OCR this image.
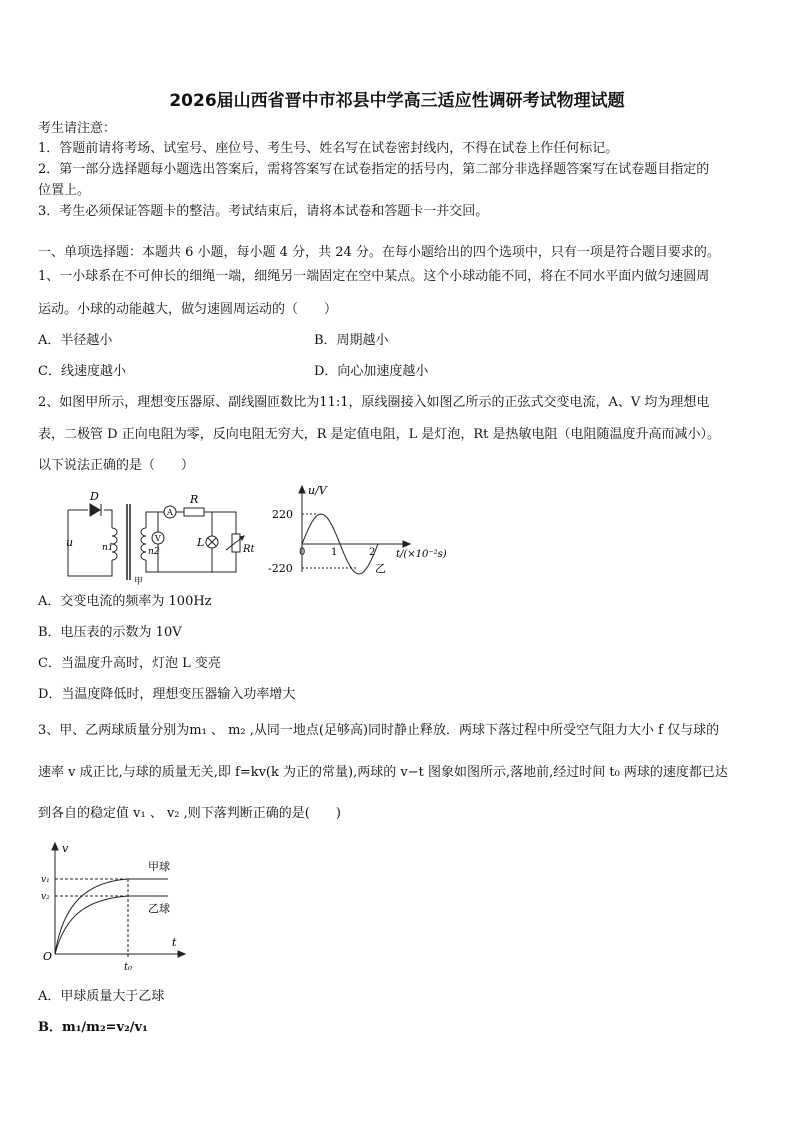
2026届山西省晋中市祁县中学高三适应性调研考试物理试题
考生请注意：
1．答题前请将考场、试室号、座位号、考生号、姓名写在试卷密封线内，不得在试卷上作任何标记。
2．第一部分选择题每小题选出答案后，需将答案写在试卷指定的括号内，第二部分非选择题答案写在试卷题目指定的
位置上。
3．考生必须保证答题卡的整洁。考试结束后，请将本试卷和答题卡一并交回。
一、单项选择题：本题共 6 小题，每小题 4 分，共 24 分。在每小题给出的四个选项中，只有一项是符合题目要求的。
1、一小球系在不可伸长的细绳一端，细绳另一端固定在空中某点。这个小球动能不同，将在不同水平面内做匀速圆周
运动。小球的动能越大，做匀速圆周运动的（　　）
A．半径越小	B．周期越小
C．线速度越小	D．向心加速度越小
2、如图甲所示，理想变压器原、副线圈匝数比为11:1，原线圈接入如图乙所示的正弦式交变电流，A、V 均为理想电
表，二极管 D 正向电阻为零，反向电阻无穷大，R 是定值电阻，L 是灯泡，Rt 是热敏电阻（电阻随温度升高而减小）。
以下说法正确的是（　　）
D
u	n1	n2
A
R
V	L
Rt
甲
u/V
220
-220
0	1	2 t/(×10⁻²s)
乙
A．交变电流的频率为 100Hz
B．电压表的示数为 10V
C．当温度升高时，灯泡 L 变亮
D．当温度降低时，理想变压器输入功率增大
3、甲、乙两球质量分别为m₁ 、 m₂ ,从同一地点(足够高)同时静止释放．两球下落过程中所受空气阻力大小 f 仅与球的
速率 v 成正比,与球的质量无关,即 f=kv(k 为正的常量),两球的 v−t 图象如图所示,落地前,经过时间 t₀ 两球的速度都已达
到各自的稳定值 v₁ 、 v₂ ,则下落判断正确的是(　　)
v
v₁
v₂
O
t
t₀
甲球
乙球
A．甲球质量大于乙球
B．m₁/m₂=v₂/v₁
